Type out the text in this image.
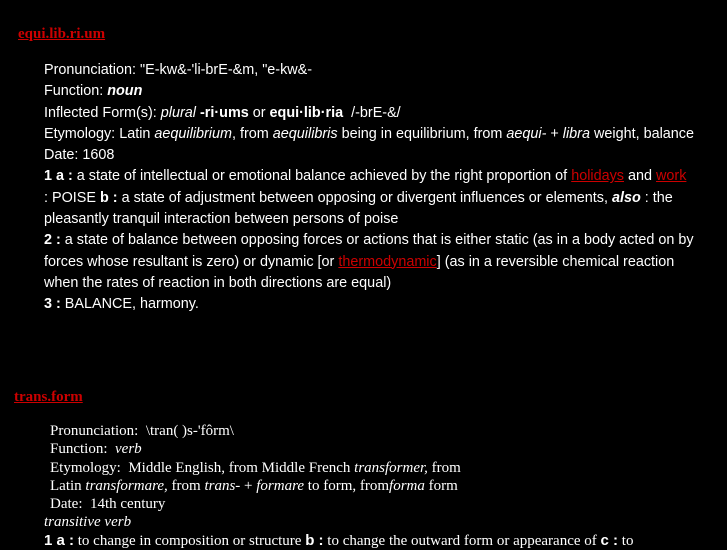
equi.lib.ri.um
Pronunciation: "E-kw&-'li-brE-&m, "e-kw&-
Function: noun
Inflected Form(s): plural -ri·ums or equi·lib·ria /-brE-&/
Etymology: Latin aequilibrium, from aequilibris being in equilibrium, from aequi- + libra weight, balance
Date: 1608
1 a : a state of intellectual or emotional balance achieved by the right proportion of holidays and work : POISE b : a state of adjustment between opposing or divergent influences or elements, also : the pleasantly tranquil interaction between persons of poise
2 : a state of balance between opposing forces or actions that is either static (as in a body acted on by forces whose resultant is zero) or dynamic [or thermodynamic] (as in a reversible chemical reaction when the rates of reaction in both directions are equal)
3 : BALANCE, harmony.
trans.form
Pronunciation: \tran( )s-'fôrm\
Function: verb
Etymology: Middle English, from Middle French transformer, from
Latin transformare, from trans- + formare to form, fromforma form
Date: 14th century
transitive verb
1 a : to change in composition or structure b : to change the outward form or appearance of c : to
